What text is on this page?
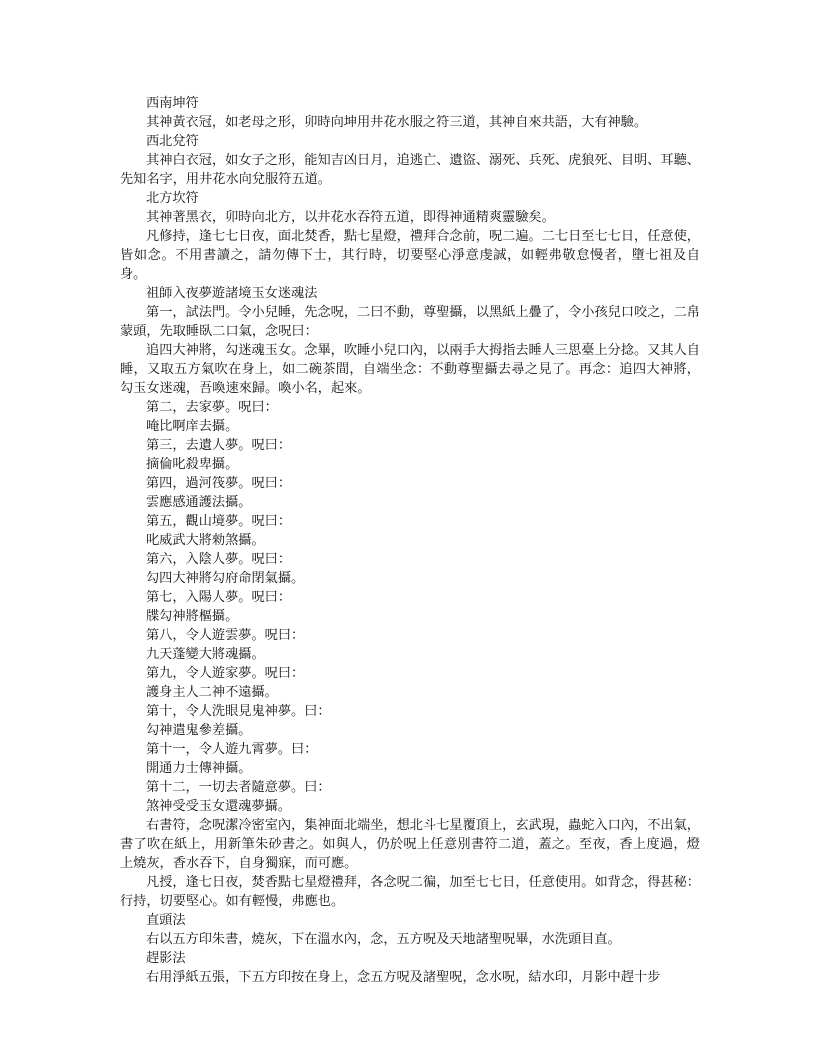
西南坤符

其神黃衣冠，如老母之形，卯時向坤用井花水服之符三道，其神自來共語，大有神驗。

西北兌符

其神白衣冠，如女子之形，能知吉凶日月，追逃亡、遺盜、溺死、兵死、虎狼死、目明、耳聽、先知名字，用井花水向兌服符五道。

北方坎符

其神著黑衣，卯時向北方，以井花水吞符五道，即得神通精爽靈驗矣。

凡修持，逢七七日夜，面北焚香，點七星燈，禮拜合念前，呪二遍。二七日至七七日，任意使，皆如念。不用書讀之，請勿傳下士，其行時，切要堅心淨意虔誠，如輕弗敬怠慢者，墮七祖及自身。

祖師入夜夢遊諸境玉女迷魂法

第一，試法門。令小兒睡，先念呪，二曰不動，尊聖攝，以黑紙上疊了，令小孩兒口咬之，二帛蒙頭，先取睡臥二口氣，念呪曰：

追四大神將，勾迷魂玉女。念畢，吹睡小兒口內，以兩手大拇指去睡人三思臺上分捻。又其人自睡，又取五方氣吹在身上，如二碗茶間，自端坐念：不動尊聖攝去尋之見了。再念：追四大神將，勾玉女迷魂，吾喚速來歸。喚小名，起來。

第二，去家夢。呪曰：

唵比啊庠去攝。

第三，去遺人夢。呪曰：

摘倫叱殺卑攝。

第四，過河筏夢。呪曰：

雲應感通護法攝。

第五，觀山境夢。呪曰：

叱威武大將勑煞攝。

第六，入陰人夢。呪曰：

勾四大神將勾府命閉氣攝。

第七，入陽人夢。呪曰：

牒勾神將樞攝。

第八，令人遊雲夢。呪曰：

九天蓬變大將魂攝。

第九，令人遊家夢。呪曰：

護身主人二神不遠攝。

第十，令人洗眼見鬼神夢。曰：

勾神遣鬼參差攝。

第十一，令人遊九霄夢。曰：

開通力士傳神攝。

第十二，一切去者隨意夢。曰：

煞神受受玉女還魂夢攝。

右書符，念呪潔冷密室內，集神面北端坐，想北斗七星覆頂上，玄武現，蟲蛇入口內，不出氣，書了吹在紙上，用新筆朱砂書之。如與人，仍於呪上任意別書符二道，蓋之。至夜，香上度過，燈上燒灰，香水吞下，自身獨寐，而可應。

凡授，逢七日夜，焚香點七星燈禮拜，各念呪二徧，加至七七日，任意使用。如背念，得甚秘：行持，切要堅心。如有輕慢，弗應也。

直頭法

右以五方印朱書，燒灰，下在溫水內，念，五方呪及天地諸聖呪畢，水洗頭目直。

趕影法

右用淨紙五張，下五方印按在身上，念五方呪及諸聖呪，念水呪，結水印，月影中趕十步
